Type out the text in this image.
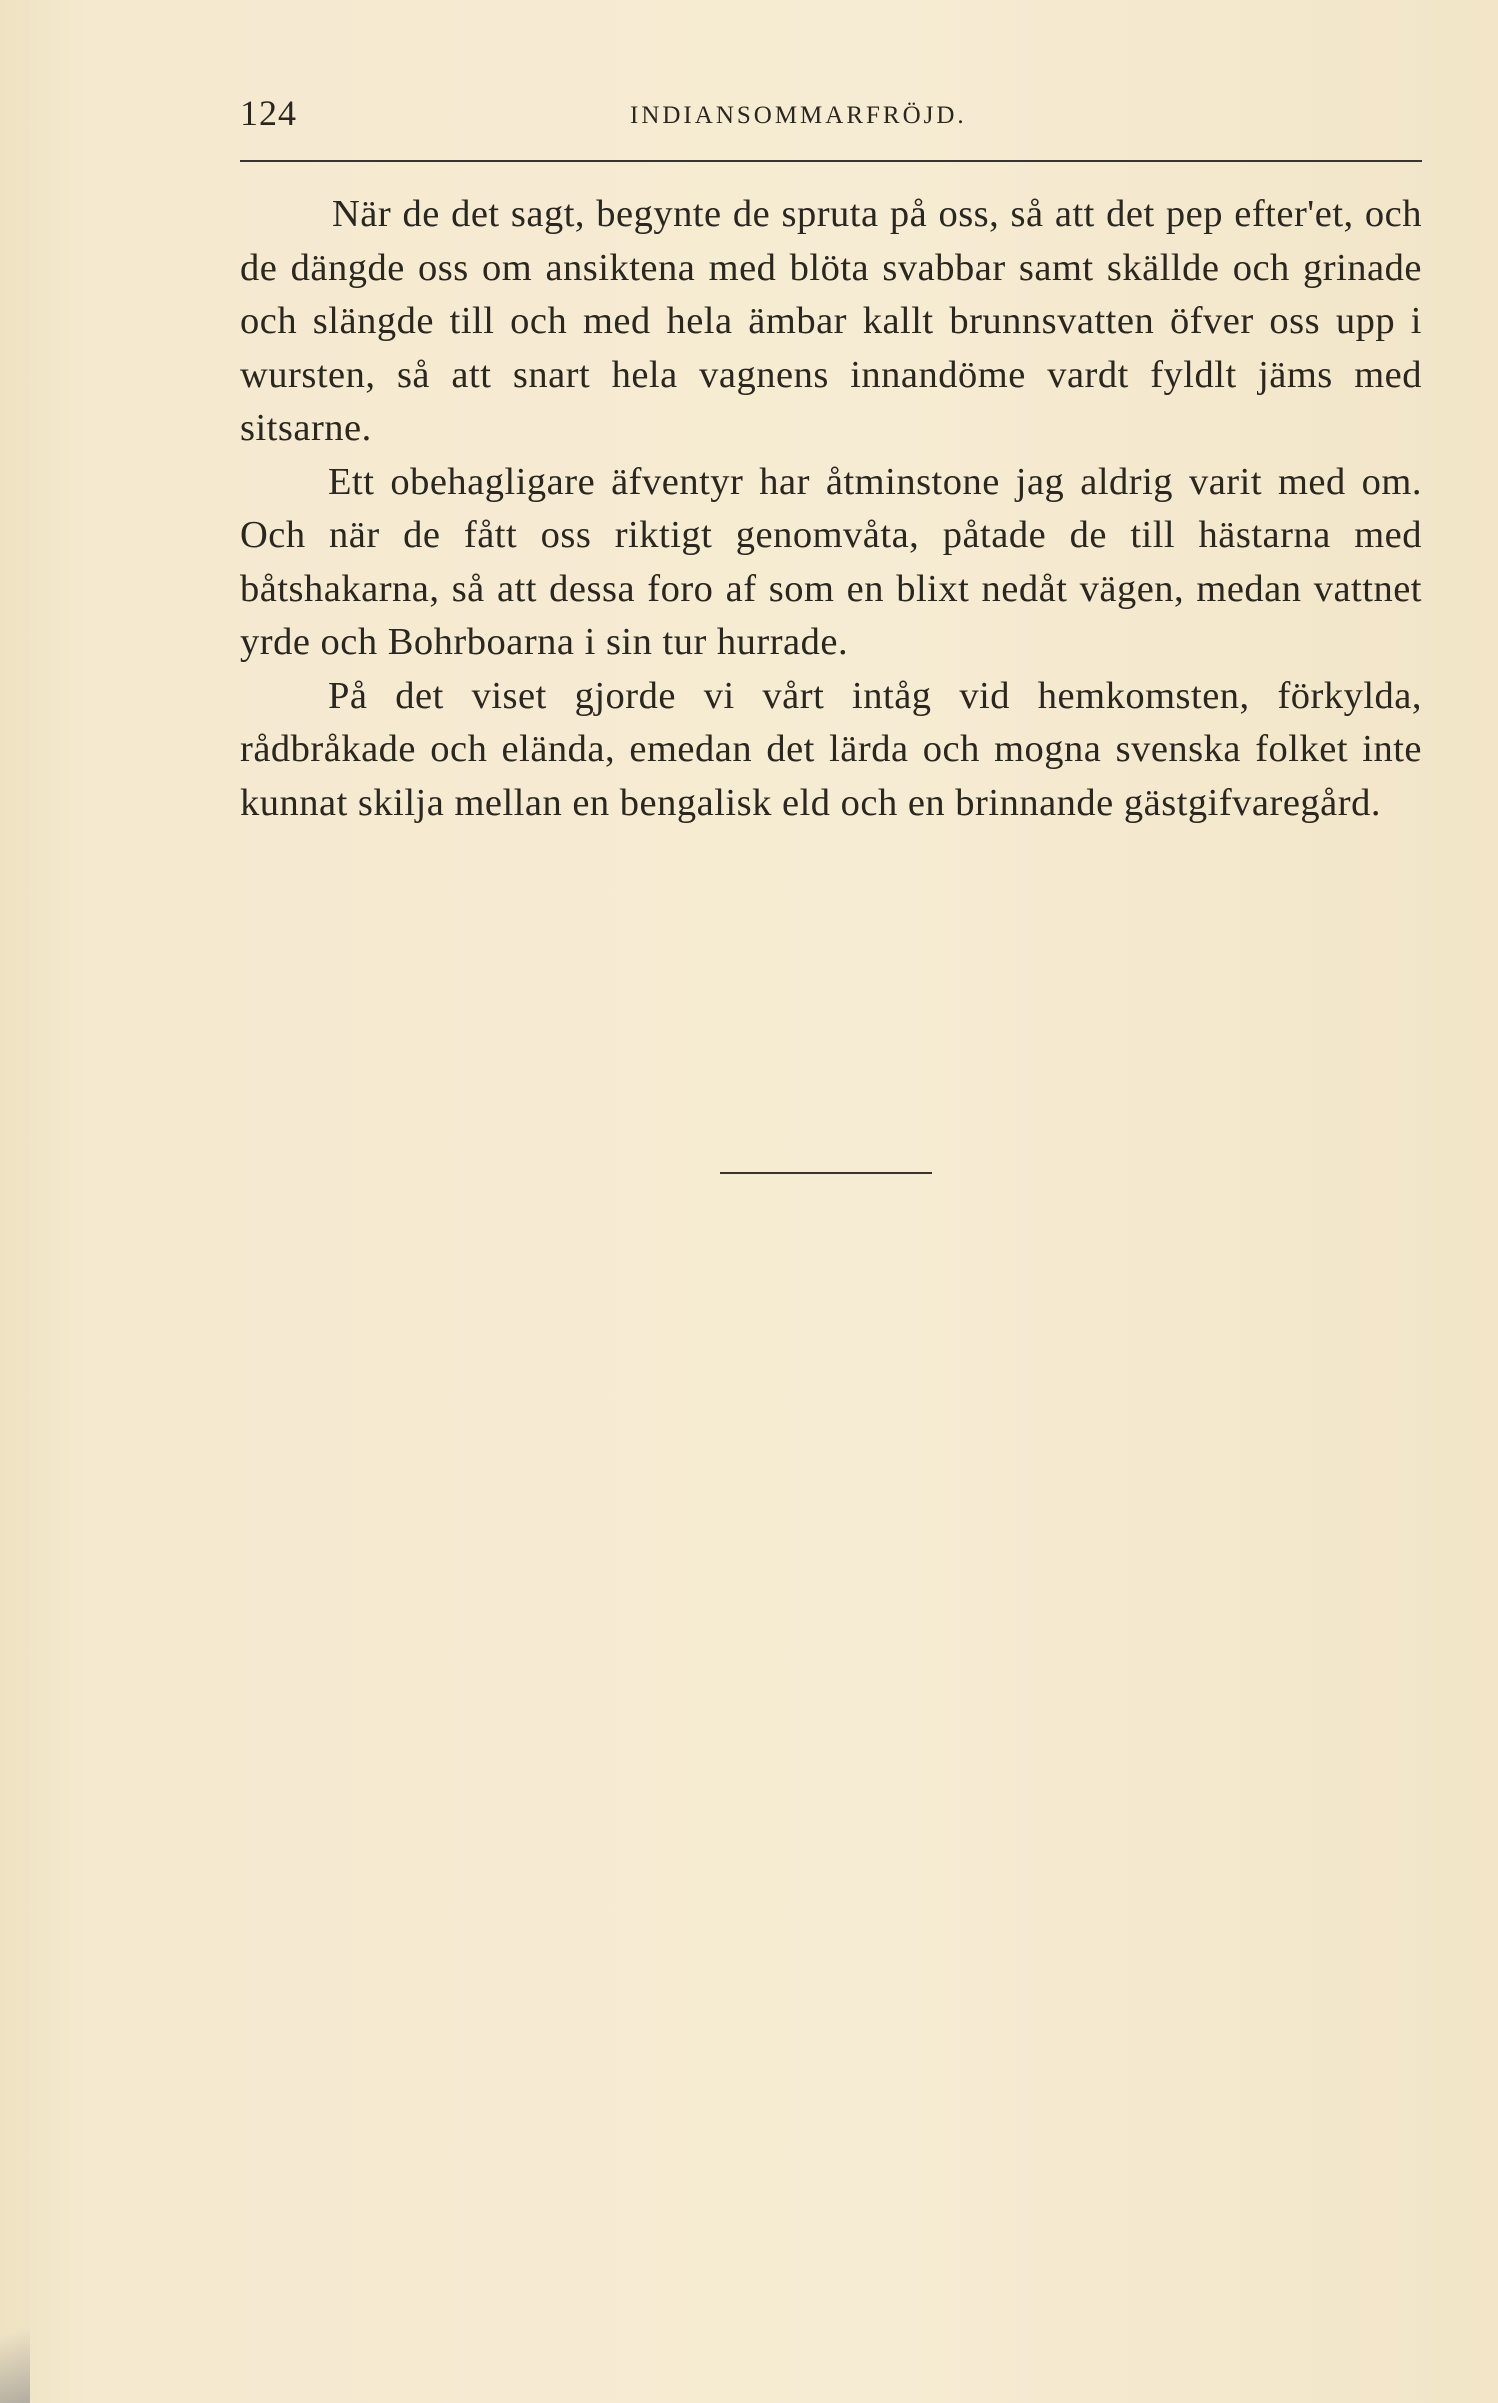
124	INDIANSOMMARFRÖJD.

När de det sagt, begynte de spruta på oss, så att det pep efter'et, och de dängde oss om ansiktena med blöta svabbar samt skällde och grinade och slängde till och med hela ämbar kallt brunnsvatten öfver oss upp i wursten, så att snart hela vagnens innandöme vardt fyldlt jäms med sitsarne.

Ett obehagligare äfventyr har åtminstone jag aldrig varit med om. Och när de fått oss riktigt genomvåta, påtade de till hästarna med båtshakarna, så att dessa foro af som en blixt nedåt vägen, medan vattnet yrde och Bohrboarna i sin tur hurrade.

På det viset gjorde vi vårt intåg vid hemkomsten, förkylda, rådbråkade och elända, emedan det lärda och mogna svenska folket inte kunnat skilja mellan en bengalisk eld och en brinnande gästgifvaregård.
